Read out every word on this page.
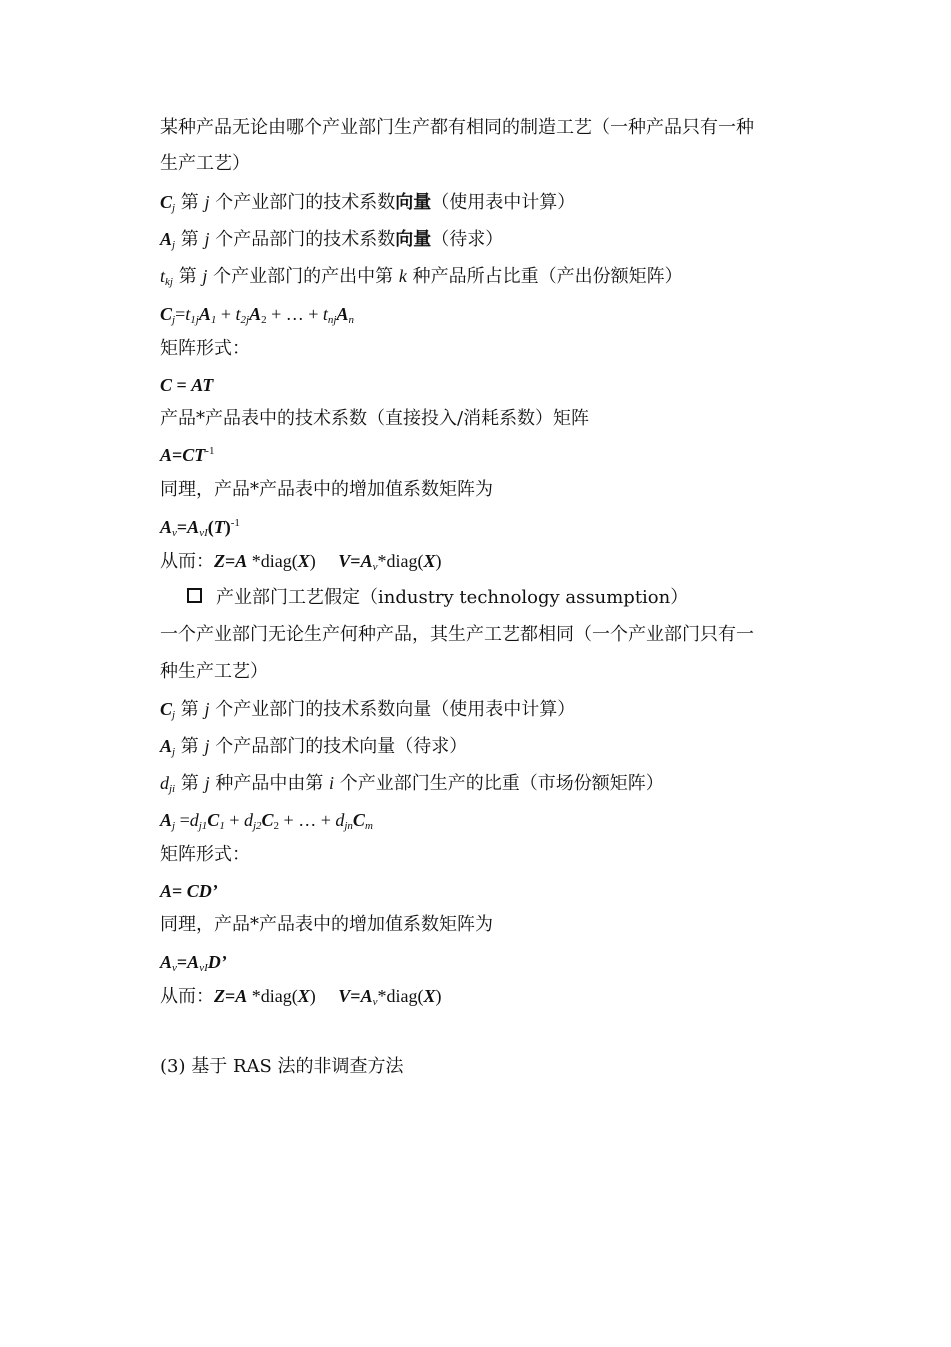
某种产品无论由哪个产业部门生产都有相同的制造工艺（一种产品只有一种
生产工艺）
$C_j$ 第 j 个产业部门的技术系数向量（使用表中计算）
$A_j$ 第 j 个产品部门的技术系数向量（待求）
$t_{kj}$ 第 j 个产业部门的产出中第 k 种产品所占比重（产出份额矩阵）
$C_j=t_{1j}A_1 + t_{2j}A_2$ + … + $t_{nj}A_n$
矩阵形式：
C = AT
产品*产品表中的技术系数（直接投入/消耗系数）矩阵
$A=CT^{-1}$
同理，产品*产品表中的增加值系数矩阵为
$A_v=A_{vI}(T)^{-1}$
从而：Z=A *diag(X)     $V=A_v*diag(X)$
产业部门工艺假定（industry technology assumption）
一个产业部门无论生产何种产品，其生产工艺都相同（一个产业部门只有一
种生产工艺）
$C_j$ 第 j 个产业部门的技术系数向量（使用表中计算）
$A_j$ 第 j 个产品部门的技术向量（待求）
$d_{ji}$ 第 j 种产品中由第 i 个产业部门生产的比重（市场份额矩阵）
$A_j =d_{j1}C_1 + d_{j2}C_2$ + … + $d_{jn}C_m$
矩阵形式：
A= CD’
同理，产品*产品表中的增加值系数矩阵为
$A_v=A_{vI}D$’
从而：Z=A *diag(X)     $V=A_v*diag(X)$
(3) 基于 RAS 法的非调查方法
